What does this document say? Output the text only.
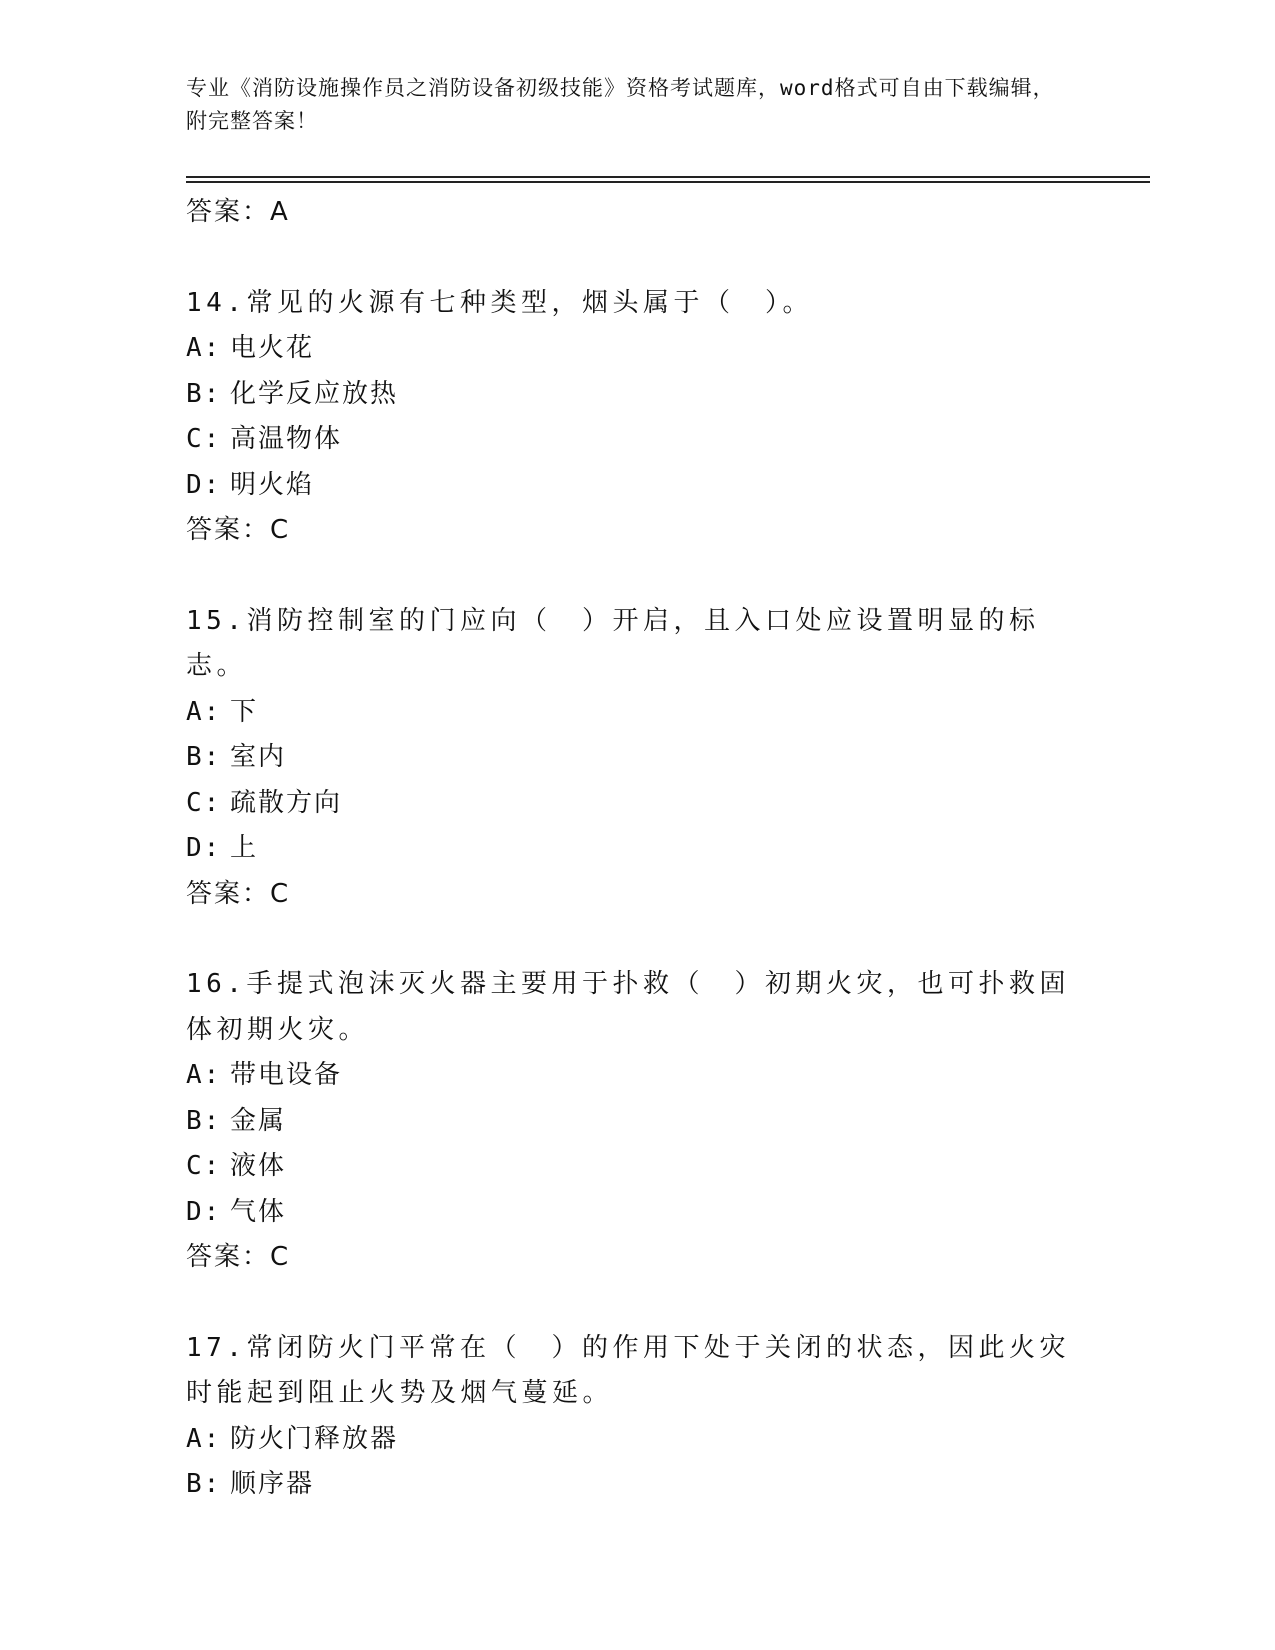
专业《消防设施操作员之消防设备初级技能》资格考试题库，word格式可自由下载编辑，附完整答案！
答案：A
14.常见的火源有七种类型，烟头属于（　）。
A: 电火花
B: 化学反应放热
C: 高温物体
D: 明火焰
答案：C
15.消防控制室的门应向（　）开启，且入口处应设置明显的标志。
A: 下
B: 室内
C: 疏散方向
D: 上
答案：C
16.手提式泡沫灭火器主要用于扑救（　）初期火灾，也可扑救固体初期火灾。
A: 带电设备
B: 金属
C: 液体
D: 气体
答案：C
17.常闭防火门平常在（　）的作用下处于关闭的状态，因此火灾时能起到阻止火势及烟气蔓延。
A: 防火门释放器
B: 顺序器
